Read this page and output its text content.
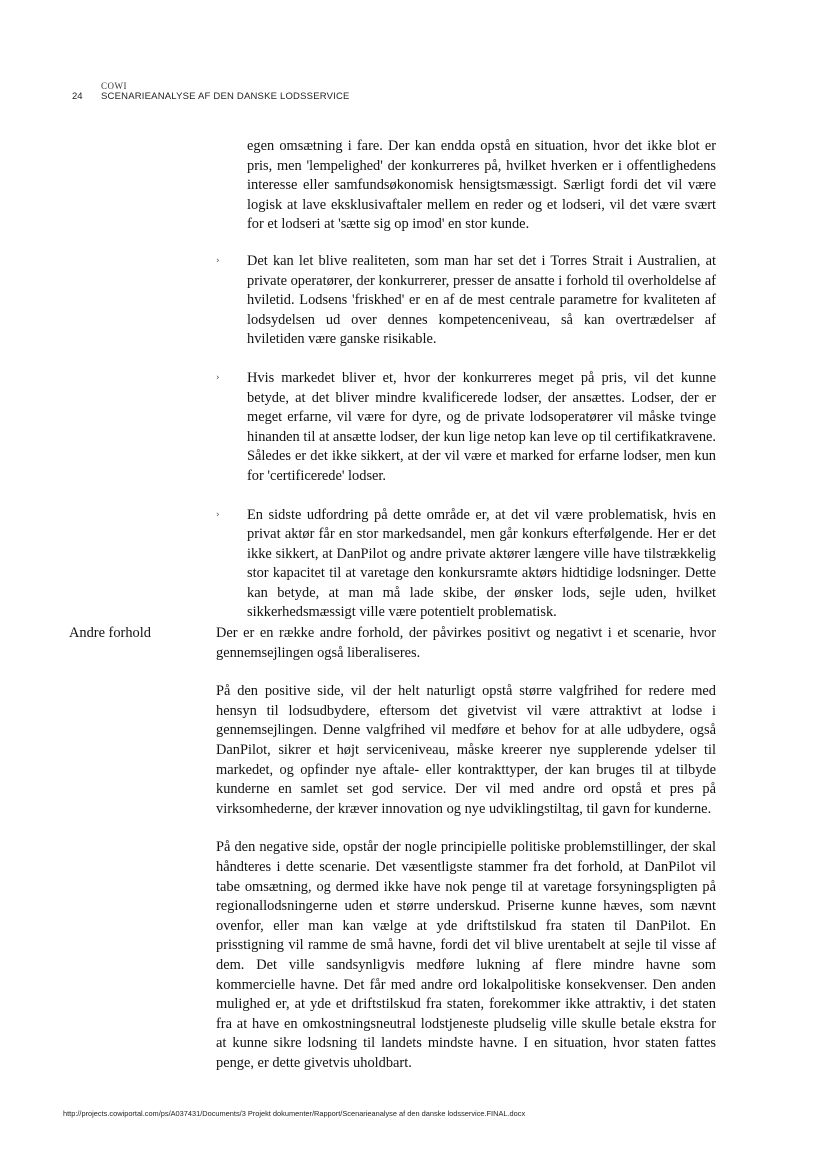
COWI
24 SCENARIEANALYSE AF DEN DANSKE LODSSERVICE

egen omsætning i fare. Der kan endda opstå en situation, hvor det ikke blot er pris, men 'lempelighed' der konkurreres på, hvilket hverken er i offentlighedens interesse eller samfundsøkonomisk hensigtsmæssigt. Særligt fordi det vil være logisk at lave eksklusivaftaler mellem en reder og et lodseri, vil det være svært for et lodseri at 'sætte sig op imod' en stor kunde.

› Det kan let blive realiteten, som man har set det i Torres Strait i Australien, at private operatører, der konkurrerer, presser de ansatte i forhold til overholdelse af hviletid. Lodsens 'friskhed' er en af de mest centrale parametre for kvaliteten af lodsydelsen ud over dennes kompetenceniveau, så kan overtrædelser af hviletiden være ganske risikable.

› Hvis markedet bliver et, hvor der konkurreres meget på pris, vil det kunne betyde, at det bliver mindre kvalificerede lodser, der ansættes. Lodser, der er meget erfarne, vil være for dyre, og de private lodsoperatører vil måske tvinge hinanden til at ansætte lodser, der kun lige netop kan leve op til certifikatkravene. Således er det ikke sikkert, at der vil være et marked for erfarne lodser, men kun for 'certificerede' lodser.

› En sidste udfordring på dette område er, at det vil være problematisk, hvis en privat aktør får en stor markedsandel, men går konkurs efterfølgende. Her er det ikke sikkert, at DanPilot og andre private aktører længere ville have tilstrækkelig stor kapacitet til at varetage den konkursramte aktørs hidtidige lodsninger. Dette kan betyde, at man må lade skibe, der ønsker lods, sejle uden, hvilket sikkerhedsmæssigt ville være potentielt problematisk.

Andre forhold	Der er en række andre forhold, der påvirkes positivt og negativt i et scenarie, hvor gennemsejlingen også liberaliseres.

På den positive side, vil der helt naturligt opstå større valgfrihed for redere med hensyn til lodsudbydere, eftersom det givetvist vil være attraktivt at lodse i gennemsejlingen. Denne valgfrihed vil medføre et behov for at alle udbydere, også DanPilot, sikrer et højt serviceniveau, måske kreerer nye supplerende ydelser til markedet, og opfinder nye aftale- eller kontrakttyper, der kan bruges til at tilbyde kunderne en samlet set god service. Der vil med andre ord opstå et pres på virksomhederne, der kræver innovation og nye udviklingstiltag, til gavn for kunderne.

På den negative side, opstår der nogle principielle politiske problemstillinger, der skal håndteres i dette scenarie. Det væsentligste stammer fra det forhold, at DanPilot vil tabe omsætning, og dermed ikke have nok penge til at varetage forsyningspligten på regionallodsningerne uden et større underskud. Priserne kunne hæves, som nævnt ovenfor, eller man kan vælge at yde driftstilskud fra staten til DanPilot. En prisstigning vil ramme de små havne, fordi det vil blive urentabelt at sejle til visse af dem. Det ville sandsynligvis medføre lukning af flere mindre havne som kommercielle havne. Det får med andre ord lokalpolitiske konsekvenser. Den anden mulighed er, at yde et driftstilskud fra staten, forekommer ikke attraktiv, i det staten fra at have en omkostningsneutral lodstjeneste pludselig ville skulle betale ekstra for at kunne sikre lodsning til landets mindste havne. I en situation, hvor staten fattes penge, er dette givetvis uholdbart.

http://projects.cowiportal.com/ps/A037431/Documents/3 Projekt dokumenter/Rapport/Scenarieanalyse af den danske lodsservice.FINAL.docx
